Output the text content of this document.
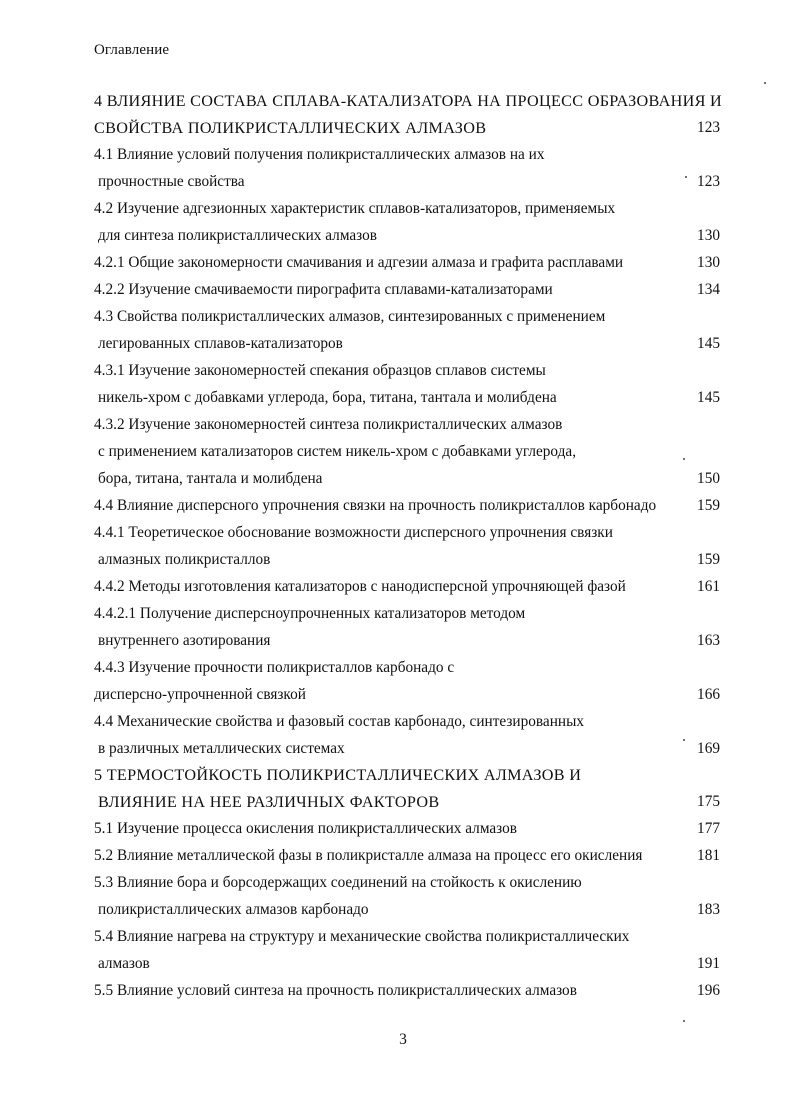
Оглавление
4 ВЛИЯНИЕ СОСТАВА СПЛАВА-КАТАЛИЗАТОРА НА ПРОЦЕСС ОБРАЗОВАНИЯ И
СВОЙСТВА ПОЛИКРИСТАЛЛИЧЕСКИХ АЛМАЗОВ	123
4.1 Влияние условий получения поликристаллических алмазов на их
прочностные свойства	123
4.2 Изучение адгезионных характеристик сплавов-катализаторов, применяемых
для синтеза поликристаллических алмазов	130
4.2.1 Общие закономерности смачивания и адгезии алмаза и графита расплавами	130
4.2.2 Изучение смачиваемости пирографита сплавами-катализаторами	134
4.3 Свойства поликристаллических алмазов, синтезированных с применением
легированных сплавов-катализаторов	145
4.3.1 Изучение закономерностей спекания образцов сплавов системы
никель-хром с добавками углерода, бора, титана, тантала и молибдена	145
4.3.2 Изучение закономерностей синтеза поликристаллических алмазов
с применением катализаторов систем никель-хром с добавками углерода,
бора, титана, тантала и молибдена	150
4.4 Влияние дисперсного упрочнения связки на прочность поликристаллов карбонадо	159
4.4.1 Теоретическое обоснование возможности дисперсного упрочнения связки
алмазных поликристаллов	159
4.4.2 Методы изготовления катализаторов с нанодисперсной упрочняющей фазой	161
4.4.2.1 Получение дисперсноупрочненных катализаторов методом
внутреннего азотирования	163
4.4.3 Изучение прочности поликристаллов карбонадо с
дисперсно-упрочненной связкой	166
4.4 Механические свойства и фазовый состав карбонадо, синтезированных
в различных металлических системах	169
5 ТЕРМОСТОЙКОСТЬ ПОЛИКРИСТАЛЛИЧЕСКИХ АЛМАЗОВ И
ВЛИЯНИЕ НА НЕЕ РАЗЛИЧНЫХ ФАКТОРОВ	175
5.1 Изучение процесса окисления поликристаллических алмазов	177
5.2 Влияние металлической фазы в поликристалле алмаза на процесс его окисления	181
5.3 Влияние бора и борсодержащих соединений на стойкость к окислению
поликристаллических алмазов карбонадо	183
5.4 Влияние нагрева на структуру и механические свойства поликристаллических
алмазов	191
5.5 Влияние условий синтеза на прочность поликристаллических алмазов	196
3
